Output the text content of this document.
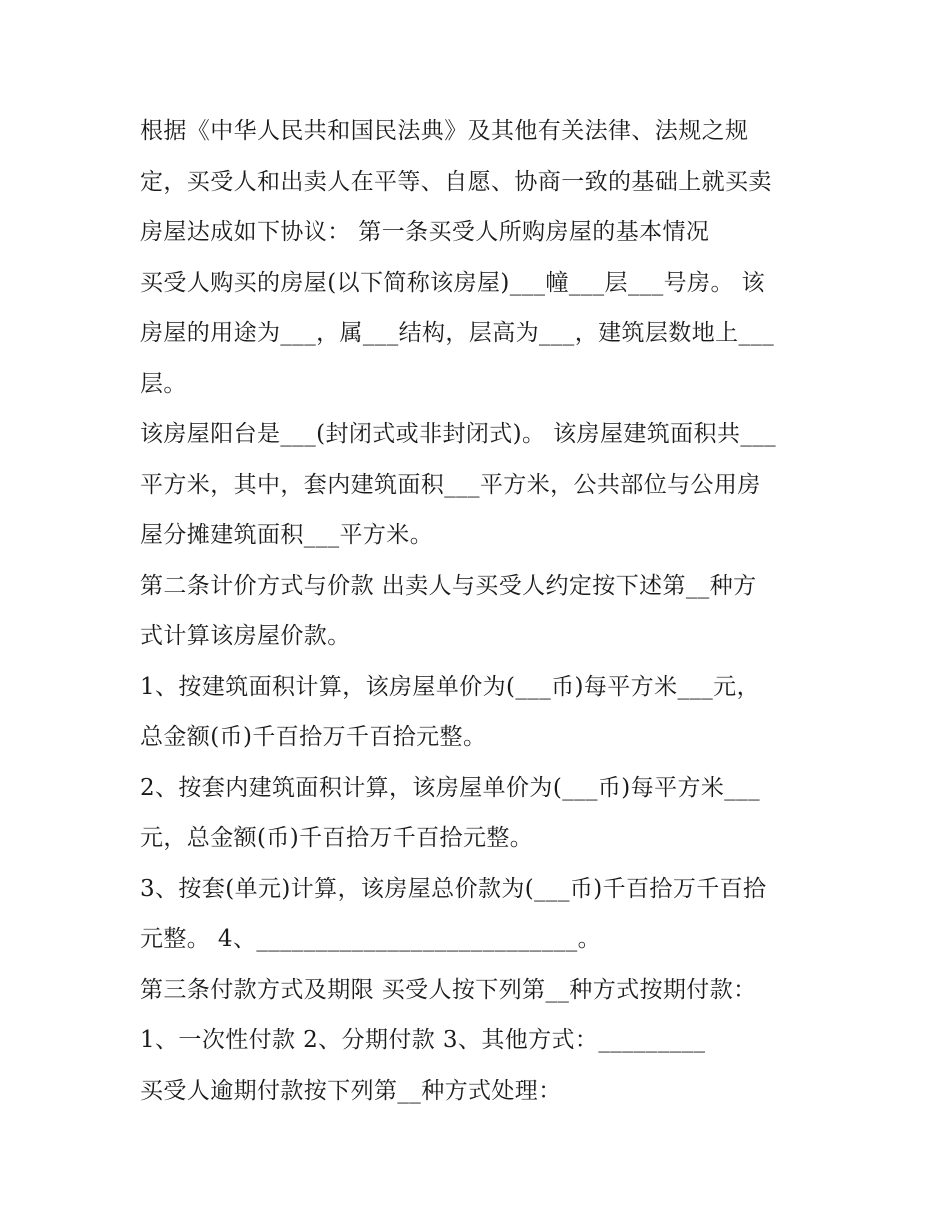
根据《中华人民共和国民法典》及其他有关法律、法规之规

定，买受人和出卖人在平等、自愿、协商一致的基础上就买卖

房屋达成如下协议： 第一条买受人所购房屋的基本情况

买受人购买的房屋(以下简称该房屋)___幢___层___号房。 该

房屋的用途为___，属___结构，层高为___，建筑层数地上___

层。

该房屋阳台是___(封闭式或非封闭式)。 该房屋建筑面积共___

平方米，其中，套内建筑面积___平方米，公共部位与公用房

屋分摊建筑面积___平方米。

第二条计价方式与价款 出卖人与买受人约定按下述第__种方

式计算该房屋价款。

1、按建筑面积计算，该房屋单价为(___币)每平方米___元，

总金额(币)千百拾万千百拾元整。

2、按套内建筑面积计算，该房屋单价为(___币)每平方米___

元，总金额(币)千百拾万千百拾元整。

3、按套(单元)计算，该房屋总价款为(___币)千百拾万千百拾

元整。 4、___________________________。

第三条付款方式及期限 买受人按下列第__种方式按期付款：

1、一次性付款 2、分期付款 3、其他方式：_________

买受人逾期付款按下列第__种方式处理：
